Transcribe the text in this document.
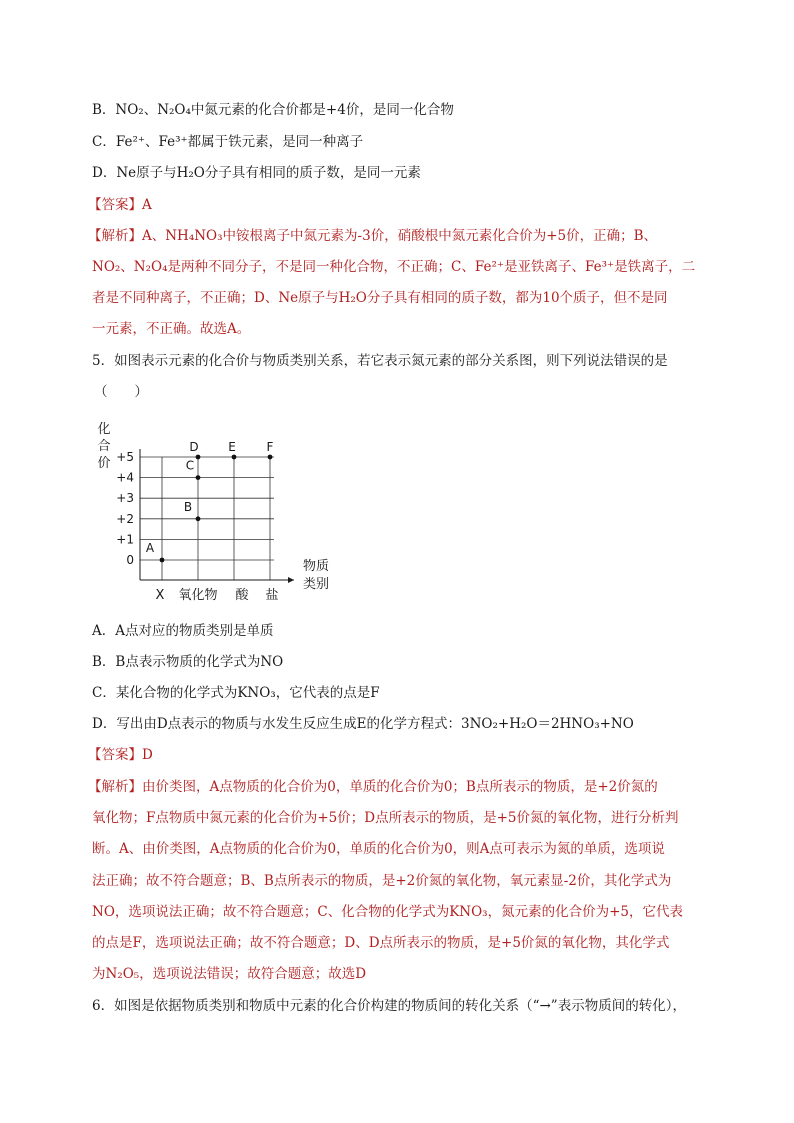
B．NO₂、N₂O₄中氮元素的化合价都是+4价，是同一化合物
C．Fe²⁺、Fe³⁺都属于铁元素，是同一种离子
D．Ne原子与H₂O分子具有相同的质子数，是同一元素
【答案】A
【解析】A、NH₄NO₃中铵根离子中氮元素为-3价，硝酸根中氮元素化合价为+5价，正确；B、
NO₂、N₂O₄是两种不同分子，不是同一种化合物，不正确；C、Fe²⁺是亚铁离子、Fe³⁺是铁离子，二
者是不同种离子，不正确；D、Ne原子与H₂O分子具有相同的质子数，都为10个质子，但不是同
一元素，不正确。故选A。
5．如图表示元素的化合价与物质类别关系，若它表示氮元素的部分关系图，则下列说法错误的是
（　　）
+5
+4
+3
+2
+1
0
化
合
价
X 氧化物 酸 盐
物质
类别
A
B
C
D E	F
A．A点对应的物质类别是单质
B．B点表示物质的化学式为NO
C．某化合物的化学式为KNO₃，它代表的点是F
D．写出由D点表示的物质与水发生反应生成E的化学方程式：3NO₂+H₂O＝2HNO₃+NO
【答案】D
【解析】由价类图，A点物质的化合价为0，单质的化合价为0；B点所表示的物质，是+2价氮的
氧化物；F点物质中氮元素的化合价为+5价；D点所表示的物质，是+5价氮的氧化物，进行分析判
断。A、由价类图，A点物质的化合价为0，单质的化合价为0，则A点可表示为氮的单质，选项说
法正确；故不符合题意；B、B点所表示的物质，是+2价氮的氧化物，氧元素显-2价，其化学式为
NO，选项说法正确；故不符合题意；C、化合物的化学式为KNO₃，氮元素的化合价为+5，它代表
的点是F，选项说法正确；故不符合题意；D、D点所表示的物质，是+5价氮的氧化物，其化学式
为N₂O₅，选项说法错误；故符合题意；故选D
6．如图是依据物质类别和物质中元素的化合价构建的物质间的转化关系（“→”表示物质间的转化），
